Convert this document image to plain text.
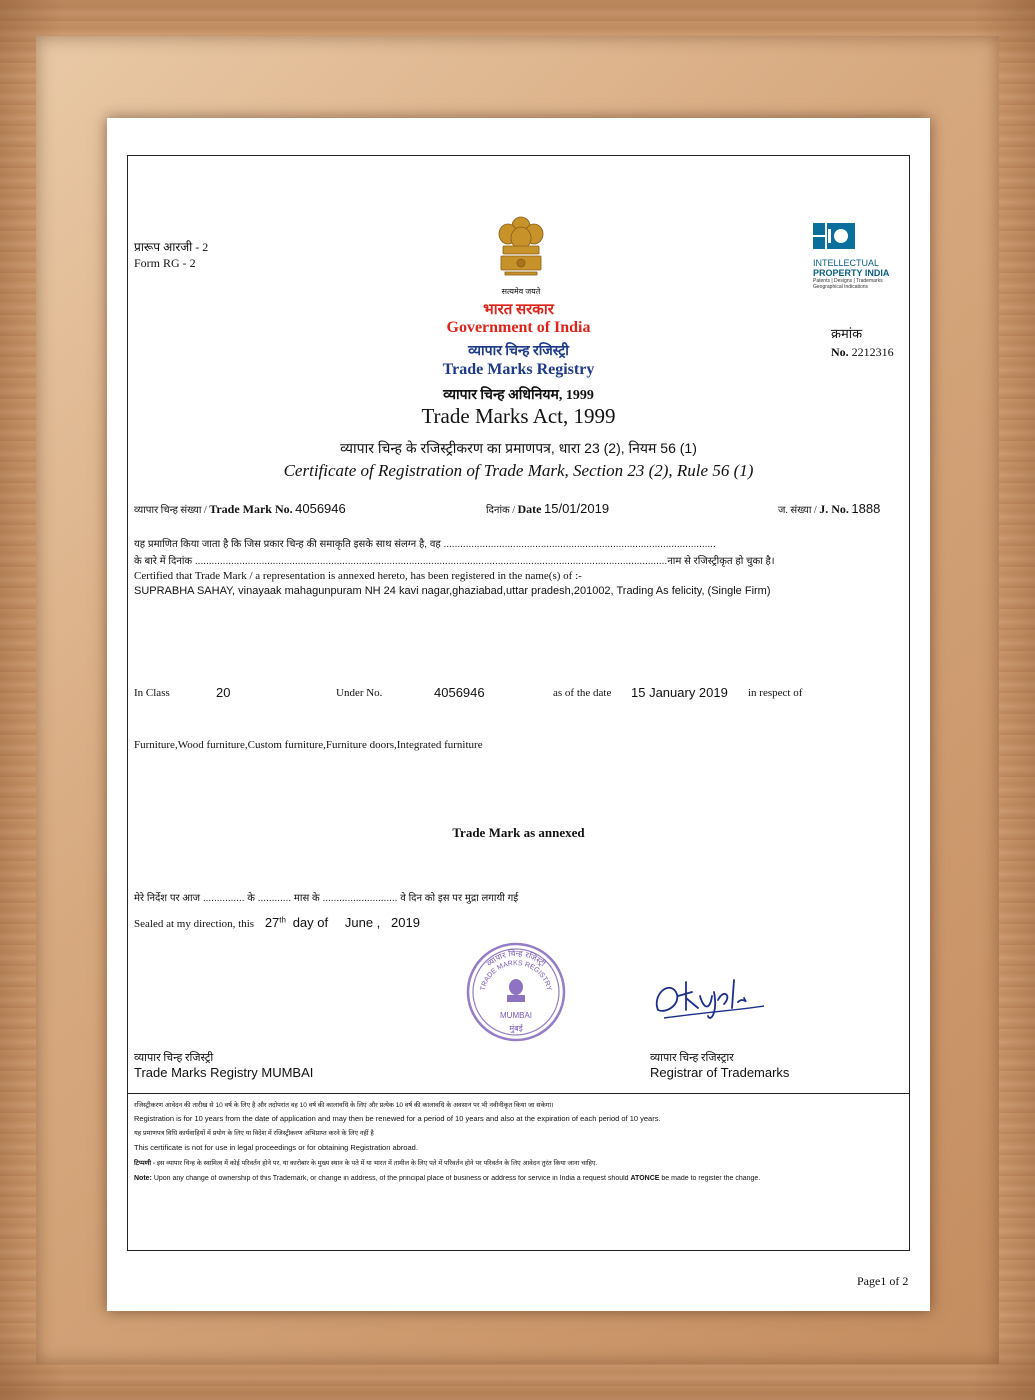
प्रारूप आरजी - 2
Form RG - 2
सत्यमेव जयते
INTELLECTUAL
PROPERTY INDIA
Patents | Designs | Trademarks
Geographical Indications
भारत सरकार
Government of India
व्यापार चिन्ह रजिस्ट्री
Trade Marks Registry
व्यापार चिन्ह अधिनियम, 1999
Trade Marks Act, 1999
व्यापार चिन्ह के रजिस्ट्रीकरण का प्रमाणपत्र, धारा 23 (2), नियम 56 (1)
Certificate of Registration of Trade Mark, Section 23 (2), Rule 56 (1)
क्रमांक
No. 2212316
व्यापार चिन्ह संख्या / Trade Mark No. 4056946	दिनांक / Date 15/01/2019	ज. संख्या / J. No. 1888
यह प्रमाणित किया जाता है कि जिस प्रकार चिन्ह की समाकृति इसके साथ संलग्न है, वह ..................................................................................................
के बारे में दिनांक ..........................................................................................................................................................................नाम से रजिस्ट्रीकृत हो चुका है।
Certified that Trade Mark / a representation is annexed hereto, has been registered in the name(s) of :-
SUPRABHA SAHAY, vinayaak mahagunpuram NH 24 kavi nagar,ghaziabad,uttar pradesh,201002, Trading As felicity, (Single Firm)
In Class	20	Under No.	4056946	as of the date 15 January 2019 in respect of
Furniture,Wood furniture,Custom furniture,Furniture doors,Integrated furniture
Trade Mark as annexed
मेरे निर्देश पर आज ............... के ............ मास के ........................... वे दिन को इस पर मुद्रा लगायी गई
Sealed at my direction, this 27th day of June , 2019
व्यापार चिन्ह रजिस्ट्री
TRADE MARKS REGISTRY
MUMBAI
मुंबई
व्यापार चिन्ह रजिस्ट्री
Trade Marks Registry MUMBAI
व्यापार चिन्ह रजिस्ट्रार
Registrar of Trademarks
रजिस्ट्रीकरण आवेदन की तारीख से 10 वर्ष के लिए है और तदोपरांत वह 10 वर्ष की कालावधि के लिए और प्रत्येक 10 वर्ष की कालावधि के अवसान पर भी नवीनीकृत किया जा सकेगा।
Registration is for 10 years from the date of application and may then be renewed for a period of 10 years and also at the expiration of each period of 10 years.
यह प्रमाणपत्र विधि कार्यवाहियों में प्रयोग के लिए या विदेश में रजिस्ट्रीकरण अभिप्राप्त करने के लिए नहीं है
This certificate is not for use in legal proceedings or for obtaining Registration abroad.
टिप्पणी - इस व्यापार चिन्ह के स्वामित्व में कोई परिवर्तन होने पर, या कारोबार के मुख्य स्थान के पते में या भारत में तामील के लिए पते में परिवर्तन होने पर परिवर्तन के लिए आवेदन तुरंत किया जाना चाहिए.
Note: Upon any change of ownership of this Trademark, or change in address, of the principal place of business or address for service in India a request should ATONCE be made to register the change.
Page1 of 2
